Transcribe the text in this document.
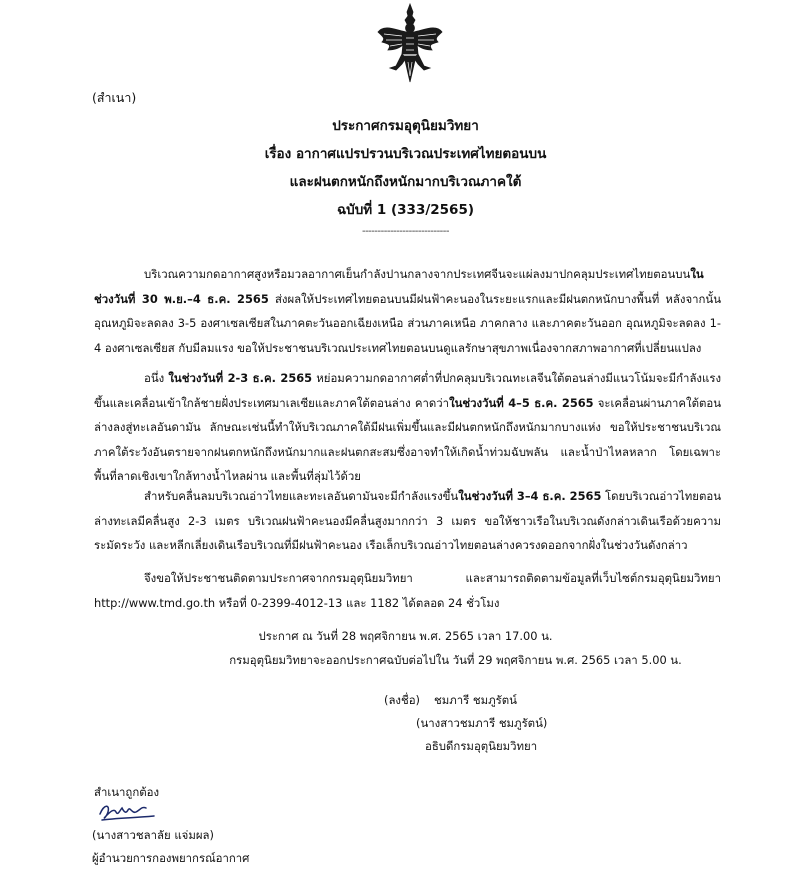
(สำเนา)
ประกาศกรมอุตุนิยมวิทยา
เรื่อง อากาศแปรปรวนบริเวณประเทศไทยตอนบน
และฝนตกหนักถึงหนักมากบริเวณภาคใต้
ฉบับที่ 1 (333/2565)
----------------------------

บริเวณความกดอากาศสูงหรือมวลอากาศเย็นกำลังปานกลางจากประเทศจีนจะแผ่ลงมาปกคลุมประเทศไทยตอนบนในช่วงวันที่ 30 พ.ย.–4 ธ.ค. 2565 ส่งผลให้ประเทศไทยตอนบนมีฝนฟ้าคะนองในระยะแรกและมีฝนตกหนักบางพื้นที่ หลังจากนั้นอุณหภูมิจะลดลง 3-5 องศาเซลเซียสในภาคตะวันออกเฉียงเหนือ ส่วนภาคเหนือ ภาคกลาง และภาคตะวันออก อุณหภูมิจะลดลง 1-4 องศาเซลเซียส กับมีลมแรง ขอให้ประชาชนบริเวณประเทศไทยตอนบนดูแลรักษาสุขภาพเนื่องจากสภาพอากาศที่เปลี่ยนแปลง

อนึ่ง ในช่วงวันที่ 2-3 ธ.ค. 2565 หย่อมความกดอากาศต่ำที่ปกคลุมบริเวณทะเลจีนใต้ตอนล่างมีแนวโน้มจะมีกำลังแรงขึ้นและเคลื่อนเข้าใกล้ชายฝั่งประเทศมาเลเซียและภาคใต้ตอนล่าง คาดว่าในช่วงวันที่ 4–5 ธ.ค. 2565 จะเคลื่อนผ่านภาคใต้ตอนล่างลงสู่ทะเลอันดามัน ลักษณะเช่นนี้ทำให้บริเวณภาคใต้มีฝนเพิ่มขึ้นและมีฝนตกหนักถึงหนักมากบางแห่ง ขอให้ประชาชนบริเวณภาคใต้ระวังอันตรายจากฝนตกหนักถึงหนักมากและฝนตกสะสมซึ่งอาจทำให้เกิดน้ำท่วมฉับพลัน และน้ำป่าไหลหลาก โดยเฉพาะพื้นที่ลาดเชิงเขาใกล้ทางน้ำไหลผ่าน และพื้นที่ลุ่มไว้ด้วย

สำหรับคลื่นลมบริเวณอ่าวไทยและทะเลอันดามันจะมีกำลังแรงขึ้นในช่วงวันที่ 3–4 ธ.ค. 2565 โดยบริเวณอ่าวไทยตอนล่างทะเลมีคลื่นสูง 2-3 เมตร บริเวณฝนฟ้าคะนองมีคลื่นสูงมากกว่า 3 เมตร ขอให้ชาวเรือในบริเวณดังกล่าวเดินเรือด้วยความระมัดระวัง และหลีกเลี่ยงเดินเรือบริเวณที่มีฝนฟ้าคะนอง เรือเล็กบริเวณอ่าวไทยตอนล่างควรงดออกจากฝั่งในช่วงวันดังกล่าว

จึงขอให้ประชาชนติดตามประกาศจากกรมอุตุนิยมวิทยา และสามารถติดตามข้อมูลที่เว็บไซต์กรมอุตุนิยมวิทยา http://www.tmd.go.th หรือที่ 0-2399-4012-13 และ 1182 ได้ตลอด 24 ชั่วโมง

ประกาศ ณ วันที่ 28 พฤศจิกายน พ.ศ. 2565 เวลา 17.00 น.
กรมอุตุนิยมวิทยาจะออกประกาศฉบับต่อไปใน วันที่ 29 พฤศจิกายน พ.ศ. 2565 เวลา 5.00 น.
(ลงชื่อ) ชมภารี ชมภูรัตน์
(นางสาวชมภารี ชมภูรัตน์)
อธิบดีกรมอุตุนิยมวิทยา
สำเนาถูกต้อง
(นางสาวชลาลัย แจ่มผล)
ผู้อำนวยการกองพยากรณ์อากาศ
